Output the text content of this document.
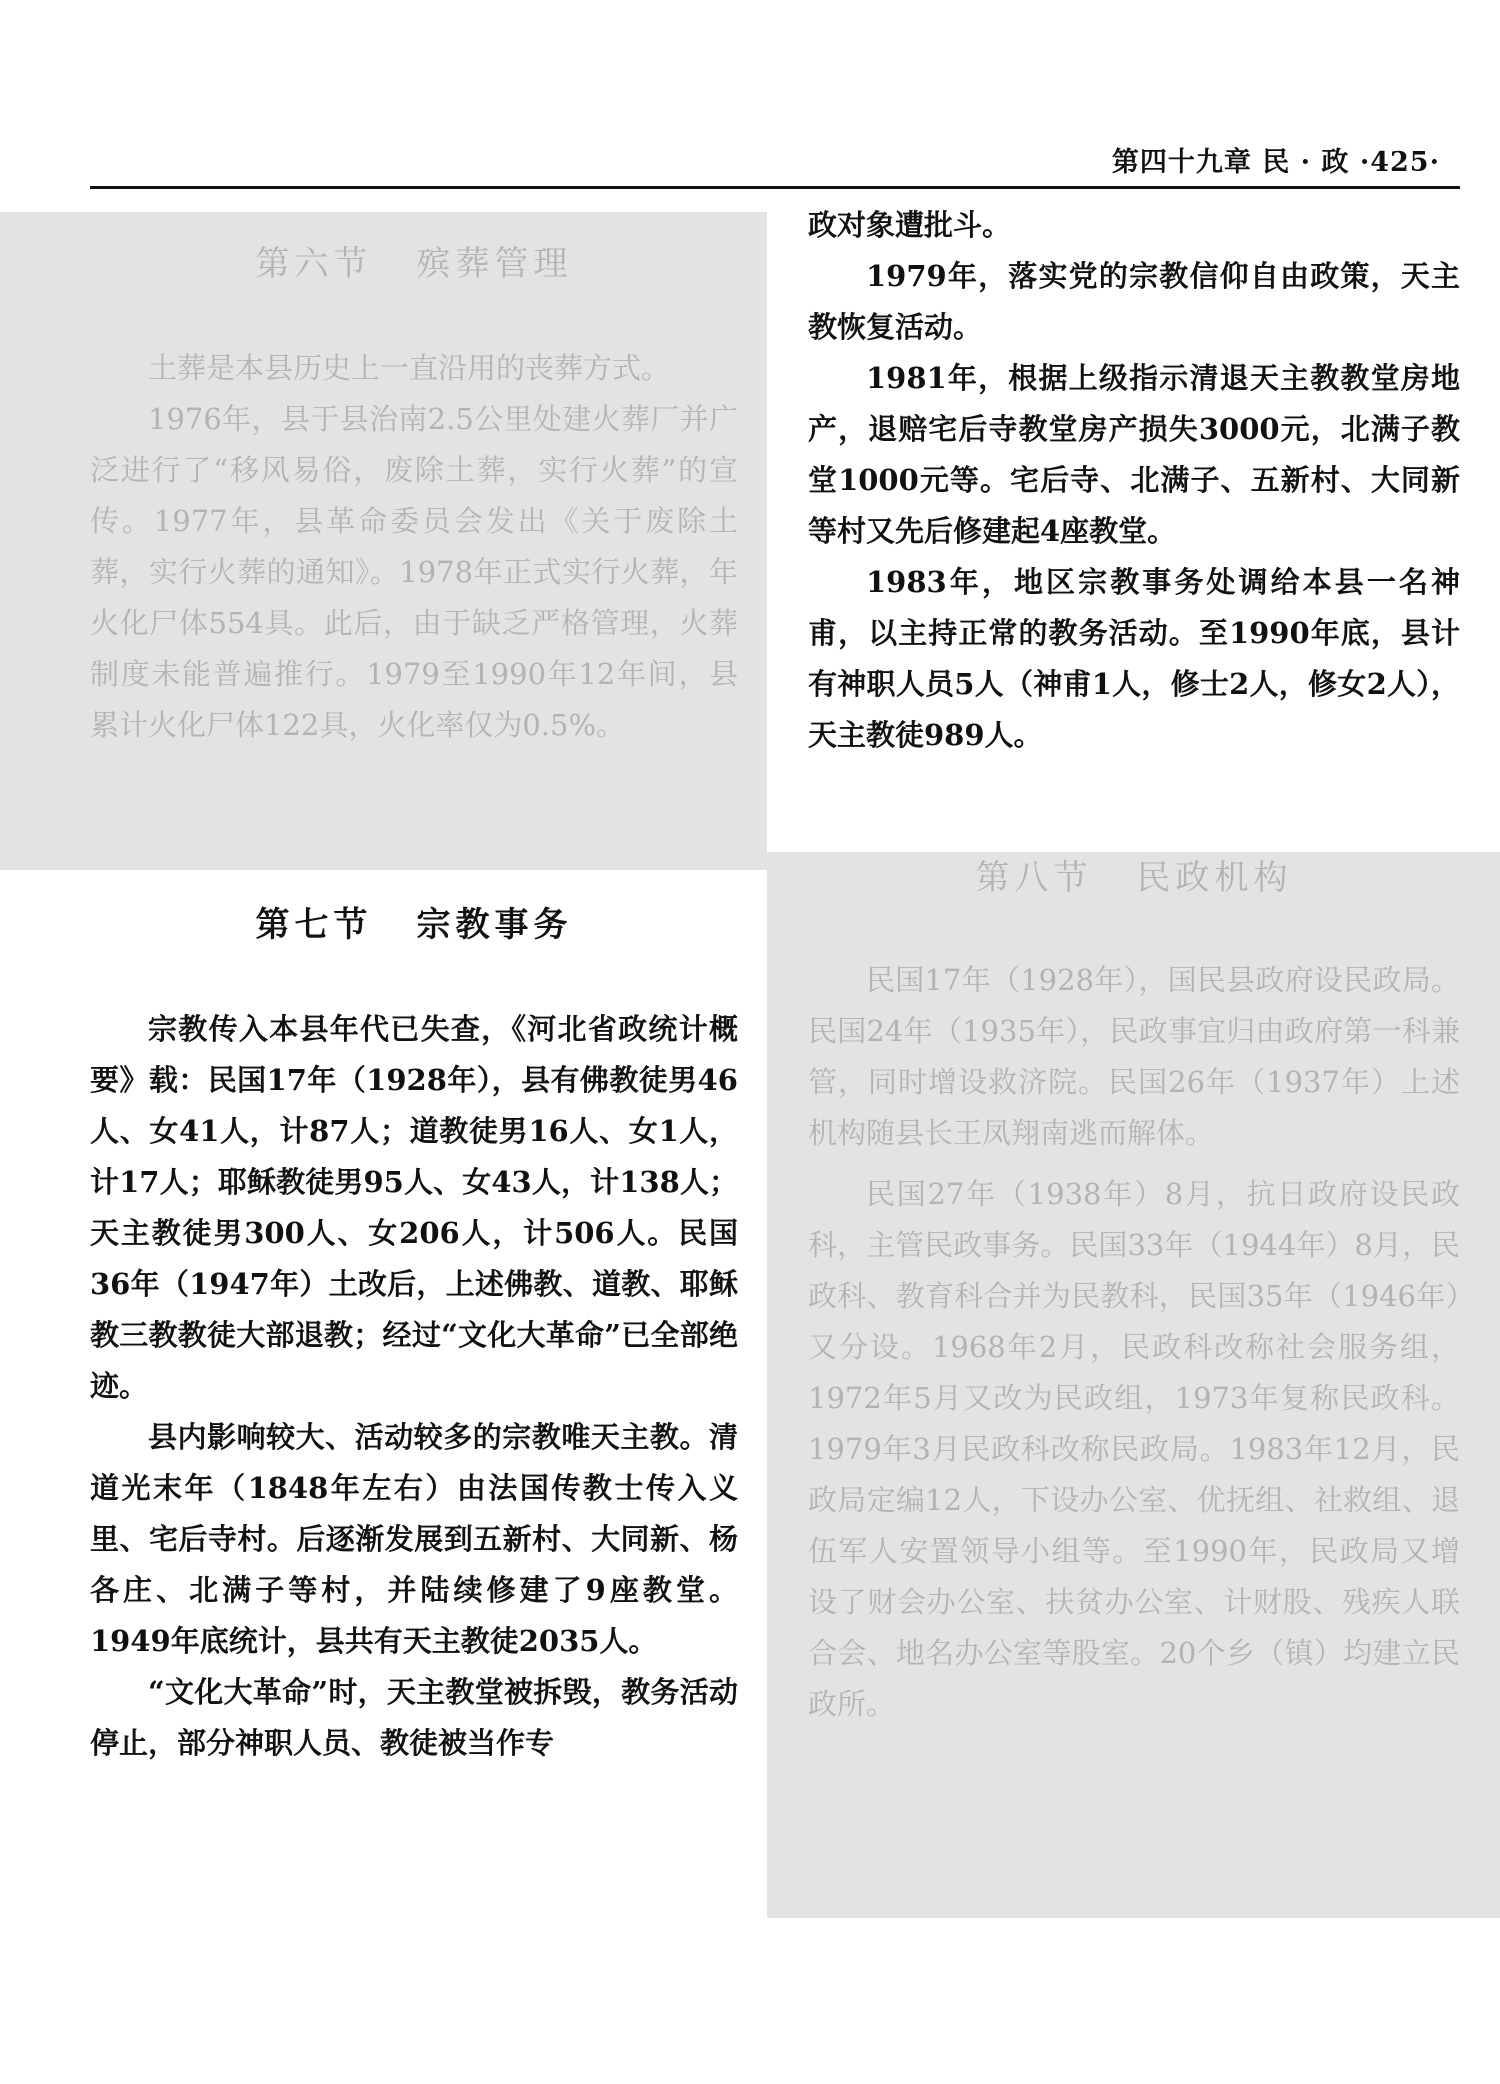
第四十九章 民 · 政 ·425·
第六节 殡葬管理

土葬是本县历史上一直沿用的丧葬方式。

1976年，县于县治南2.5公里处建火葬厂并广泛进行了“移风易俗，废除土葬，实行火葬”的宣传。1977年，县革命委员会发出《关于废除土葬，实行火葬的通知》。1978年正式实行火葬，年火化尸体554具。此后，由于缺乏严格管理，火葬制度未能普遍推行。1979至1990年12年间，县累计火化尸体122具，火化率仅为0.5%。

第七节 宗教事务

宗教传入本县年代已失查，《河北省政统计概要》载：民国17年（1928年），县有佛教徒男46人、女41人，计87人；道教徒男16人、女1人，计17人；耶稣教徒男95人、女43人，计138人；天主教徒男300人、女206人，计506人。民国36年（1947年）土改后，上述佛教、道教、耶稣教三教教徒大部退教；经过“文化大革命”已全部绝迹。

县内影响较大、活动较多的宗教唯天主教。清道光末年（1848年左右）由法国传教士传入义里、宅后寺村。后逐渐发展到五新村、大同新、杨各庄、北满子等村，并陆续修建了9座教堂。1949年底统计，县共有天主教徒2035人。

“文化大革命”时，天主教堂被拆毁，教务活动停止，部分神职人员、教徒被当作专

政对象遭批斗。

1979年，落实党的宗教信仰自由政策，天主教恢复活动。

1981年，根据上级指示清退天主教教堂房地产，退赔宅后寺教堂房产损失3000元，北满子教堂1000元等。宅后寺、北满子、五新村、大同新等村又先后修建起4座教堂。

1983年，地区宗教事务处调给本县一名神甫，以主持正常的教务活动。至1990年底，县计有神职人员5人（神甫1人，修士2人，修女2人），天主教徒989人。

第八节 民政机构

民国17年（1928年），国民县政府设民政局。民国24年（1935年），民政事宜归由政府第一科兼管，同时增设救济院。民国26年（1937年）上述机构随县长王凤翔南逃而解体。

民国27年（1938年）8月，抗日政府设民政科，主管民政事务。民国33年（1944年）8月，民政科、教育科合并为民教科，民国35年（1946年）又分设。1968年2月，民政科改称社会服务组，1972年5月又改为民政组，1973年复称民政科。1979年3月民政科改称民政局。1983年12月，民政局定编12人，下设办公室、优抚组、社救组、退伍军人安置领导小组等。至1990年，民政局又增设了财会办公室、扶贫办公室、计财股、残疾人联合会、地名办公室等股室。20个乡（镇）均建立民政所。
